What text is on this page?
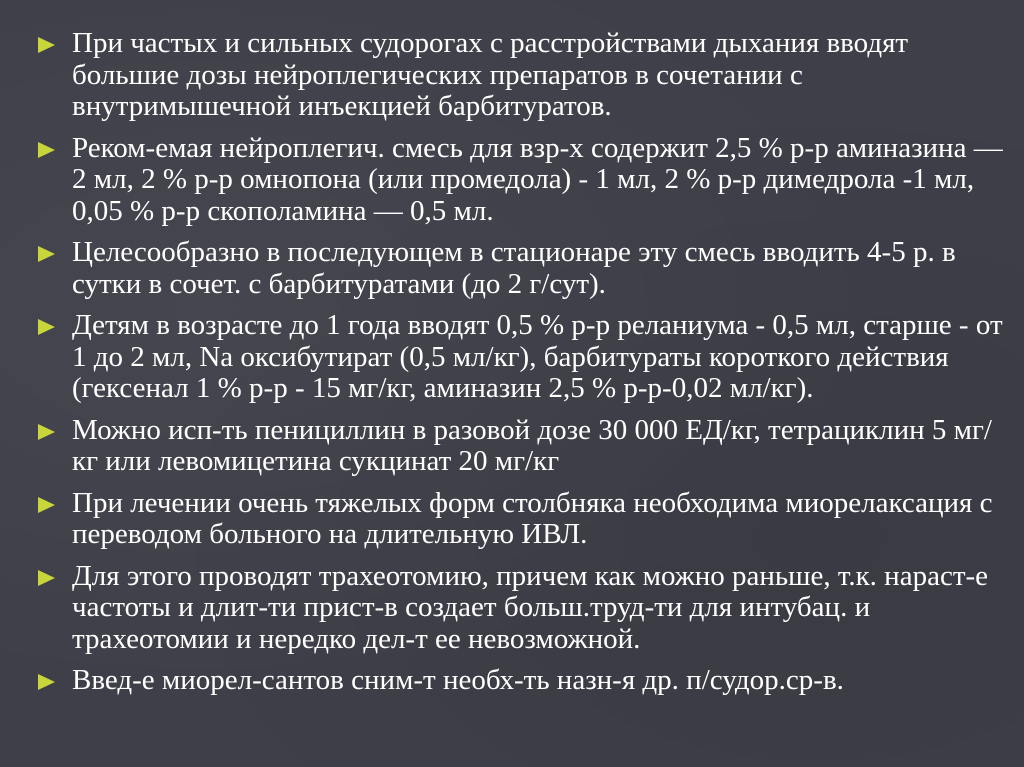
При частых и сильных судорогах с расстройствами дыхания вводят большие дозы нейроплегических препаратов в сочетании с внутримышечной инъекцией барбитуратов.
Реком-емая нейроплегич. смесь для взр-х содержит 2,5 % р-р аминазина — 2 мл, 2 % р-р омнопона (или промедола) - 1 мл, 2 % р-р димедрола -1 мл, 0,05 % р-р скополамина — 0,5 мл.
Целесообразно в последующем в стационаре эту смесь вводить 4-5 р. в сутки в сочет. с барбитуратами (до 2 г/сут).
Детям в возрасте до 1 года вводят 0,5 % р-р реланиума - 0,5 мл, старше - от 1 до 2 мл, Na оксибутират (0,5 мл/кг), барбитураты короткого действия (гексенал 1 % р-р - 15 мг/кг, аминазин 2,5 % р-р-0,02 мл/кг).
Можно исп-ть пенициллин в разовой дозе 30 000 ЕД/кг, тетрациклин 5 мг/кг или левомицетина сукцинат 20 мг/кг
При лечении очень тяжелых форм столбняка необходима миорелаксация с переводом больного на длительную ИВЛ.
Для этого проводят трахеотомию, причем как можно раньше, т.к. нараст-е частоты и длит-ти прист-в создает больш.труд-ти для интубац. и трахеотомии и нередко дел-т ее невозможной.
Введ-е миорел-сантов сним-т необх-ть назн-я др. п/судор.ср-в.
